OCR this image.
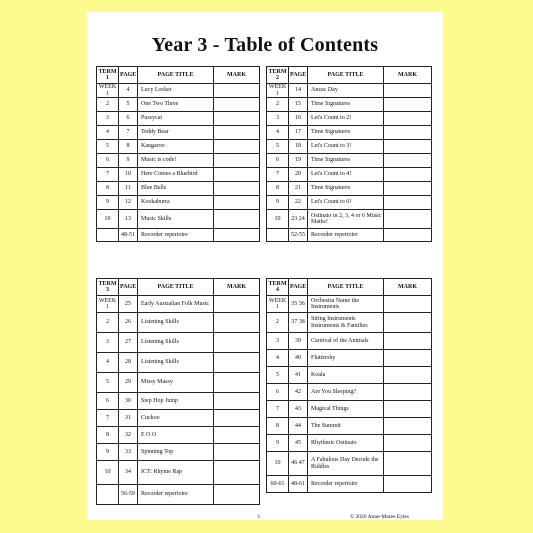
Year 3 - Table of Contents
TERM 1	PAGE	PAGE TITLE	MARK
WEEK 1	4	Lucy Locket	
2	5	One Two Three	
3	6	Pussycat	
4	7	Teddy Bear	
5	8	Kangaroo	
6	9	Music is code!	
7	10	Here Comes a Bluebird	
8	11	Blue Bells	
9	12	Kookaburra	
10	13	Music Skills	
	48-51	Recorder repertoire	
TERM 2	PAGE	PAGE TITLE	MARK
WEEK 1	14	Anzac Day	
2	15	Time Signatures	
3	16	Let's Count to 2!	
4	17	Time Signatures	
5	18	Let's Count to 3!	
6	19	Time Signatures	
7	20	Let's Count to 4!	
8	21	Time Signatures	
9	22	Let's Count to 6!	
10	23 24	Ostinato in 2, 3, 4 or 6 Music Maths!	
	52-55	Recorder repertoire	
TERM 3	PAGE	PAGE TITLE	MARK
WEEK 1	25	Early Australian Folk Music	
2	26	Listening Skills	
3	27	Listening Skills	
4	28	Listening Skills	
5	29	Missy Massy	
6	30	Step Hop Jump	
7	31	Cuckoo	
8	32	E O O	
9	33	Spinning Top	
10	34	ICT: Rhyme Rap	
	56-59	Recorder repertoire	
TERM 4	PAGE	PAGE TITLE	MARK
WEEK 1	35 36	Orchestra Name the Instruments	
2	37 38	String Instruments Instruments & Families	
3	39	Carnival of the Animals	
4	40	Fluttershy	
5	41	Koala	
6	42	Are You Sleeping?	
7	43	Magical Things	
8	44	The Summit	
9	45	Rhythmic Ostinato	
10	46 47	A Fabulous Day Decode the Riddles	
60-61	48-61	Recorder repertoire	
3	© 2020 Anne-Maree Eyles
